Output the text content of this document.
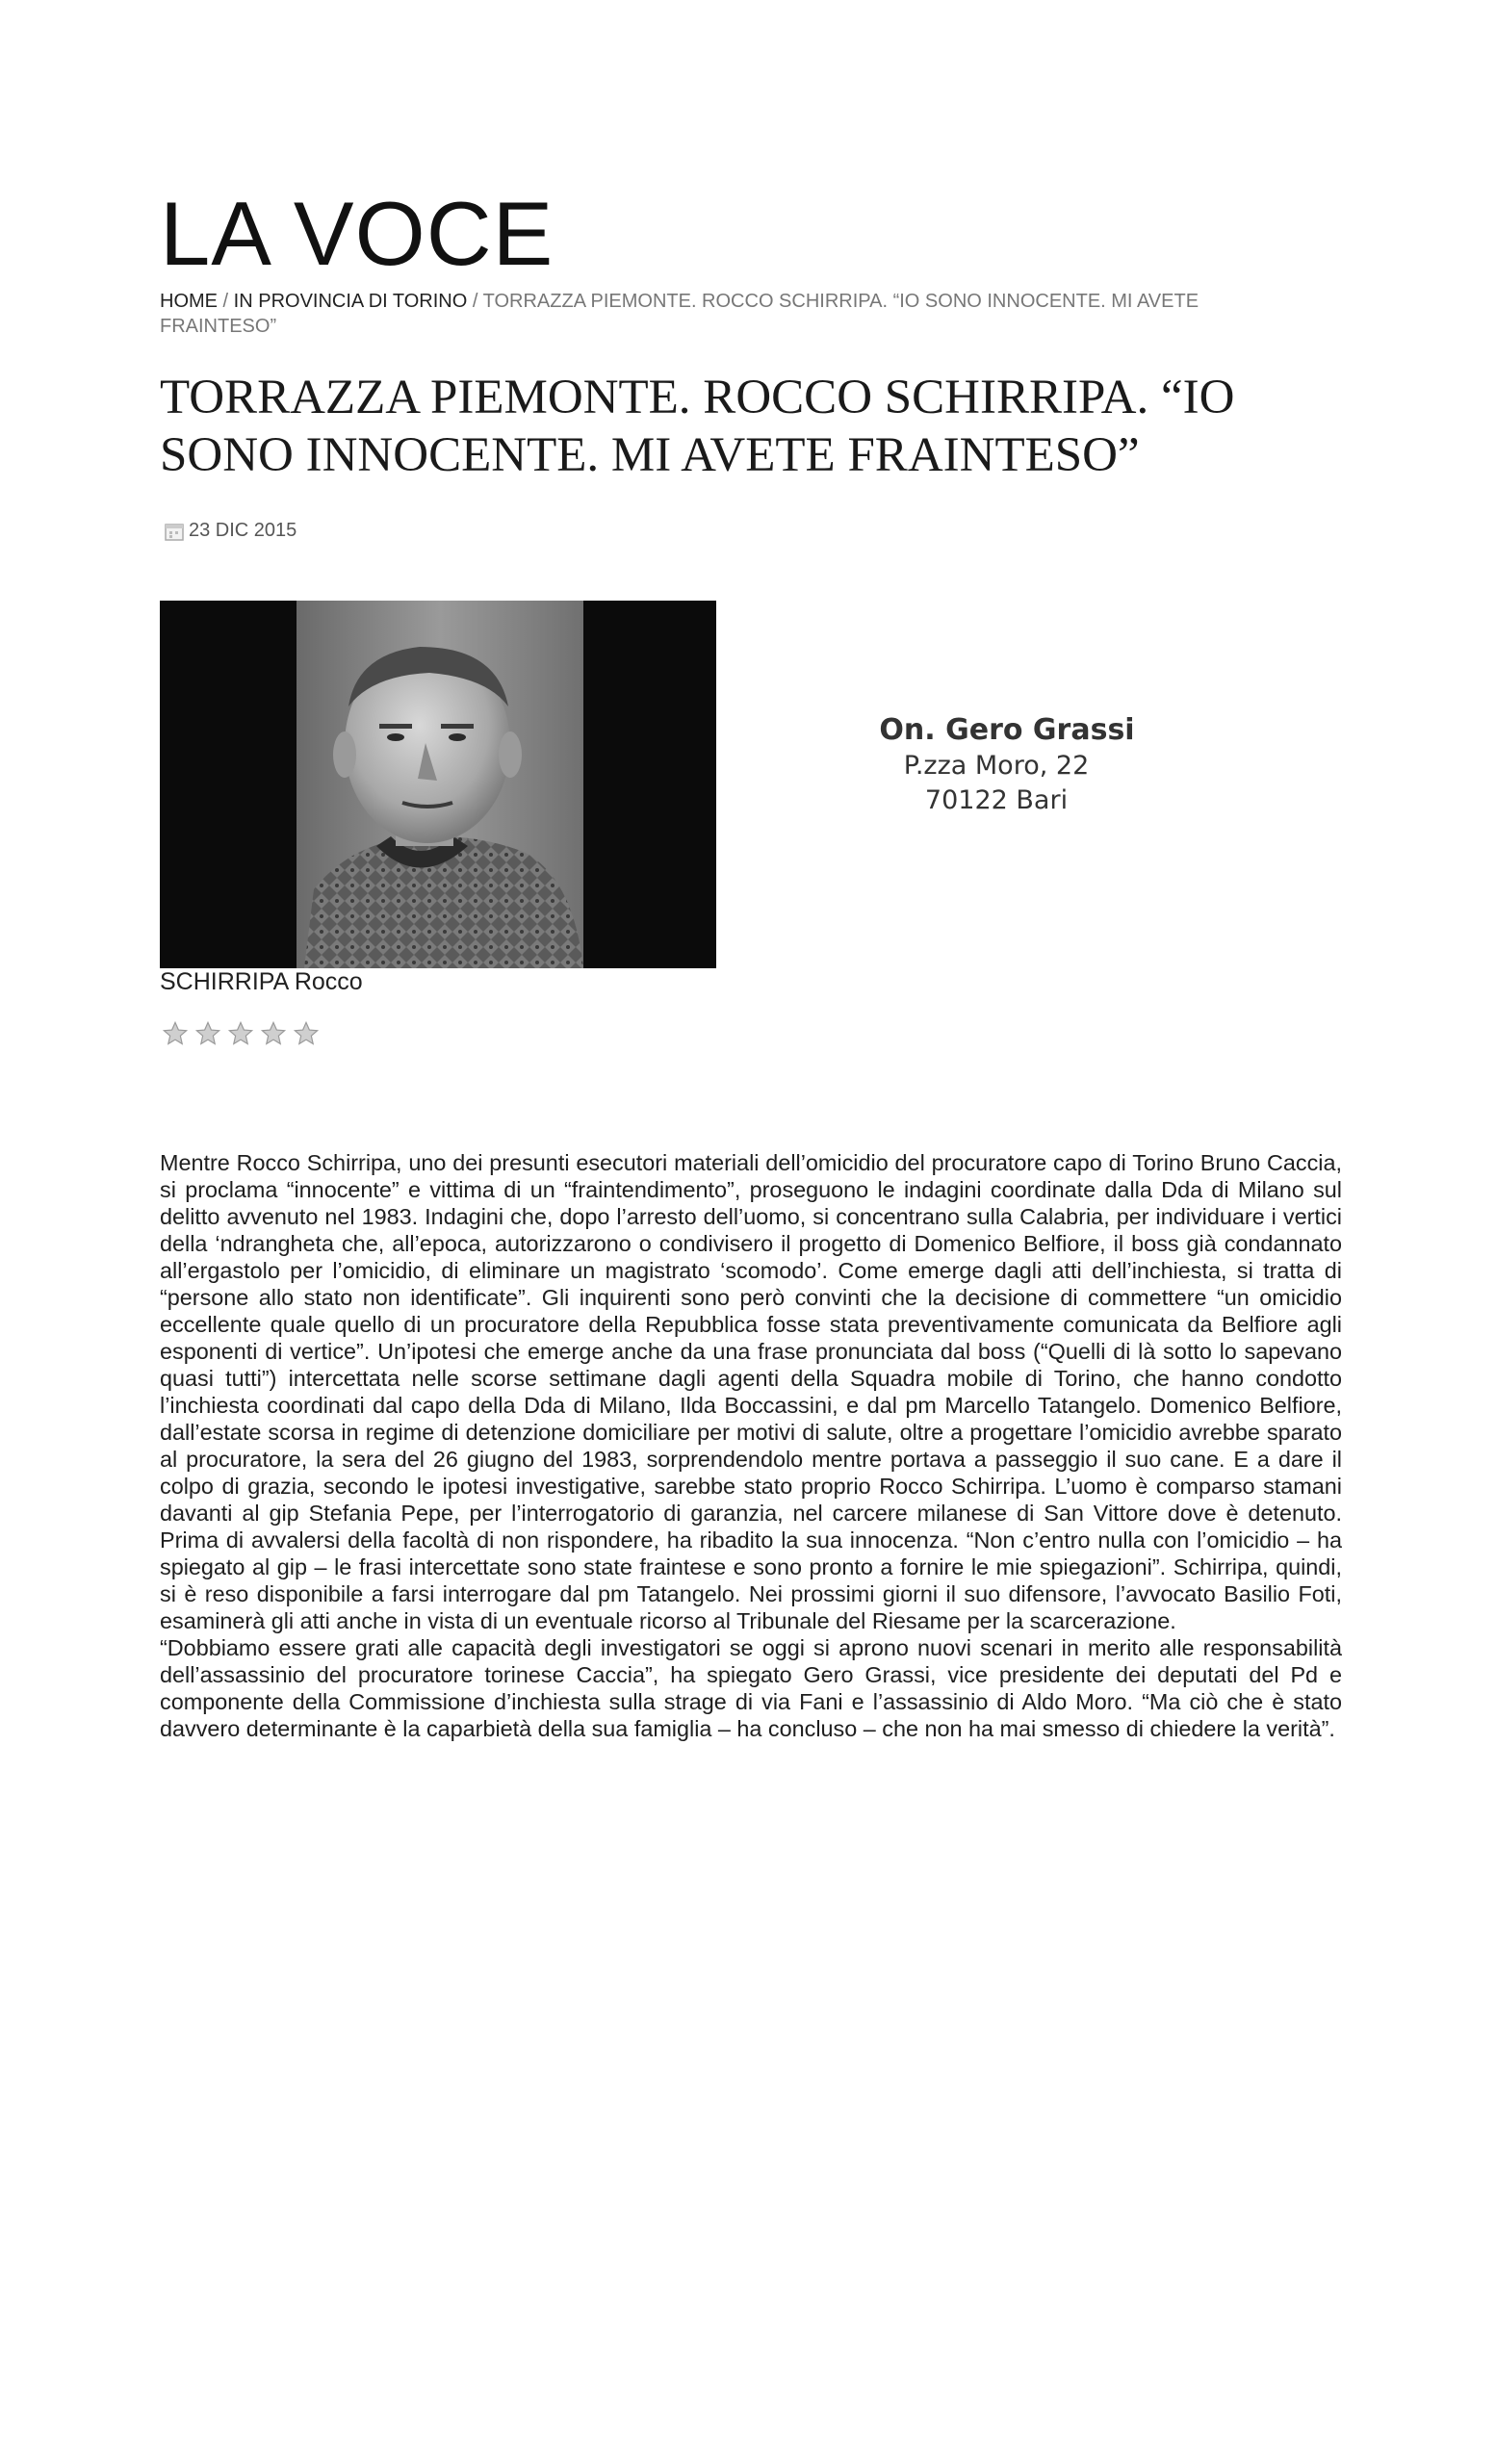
LA VOCE
HOME / IN PROVINCIA DI TORINO / TORRAZZA PIEMONTE. ROCCO SCHIRRIPA. “IO SONO INNOCENTE. MI AVETE FRAINTESO”
TORRAZZA PIEMONTE. ROCCO SCHIRRIPA. “IO SONO INNOCENTE. MI AVETE FRAINTESO”
23 DIC 2015
On. Gero Grassi
P.zza Moro, 22
70122 Bari
SCHIRRIPA Rocco

Mentre Rocco Schirripa, uno dei presunti esecutori materiali dell’omicidio del procuratore capo di Torino Bruno Caccia, si proclama “innocente” e vittima di un “fraintendimento”, proseguono le indagini coordinate dalla Dda di Milano sul delitto avvenuto nel 1983. Indagini che, dopo l’arresto dell’uomo, si concentrano sulla Calabria, per individuare i vertici della ‘ndrangheta che, all’epoca, autorizzarono o condivisero il progetto di Domenico Belfiore, il boss già condannato all’ergastolo per l’omicidio, di eliminare un magistrato ‘scomodo’. Come emerge dagli atti dell’inchiesta, si tratta di “persone allo stato non identificate”. Gli inquirenti sono però convinti che la decisione di commettere “un omicidio eccellente quale quello di un procuratore della Repubblica fosse stata preventivamente comunicata da Belfiore agli esponenti di vertice”. Un’ipotesi che emerge anche da una frase pronunciata dal boss (“Quelli di là sotto lo sapevano quasi tutti”) intercettata nelle scorse settimane dagli agenti della Squadra mobile di Torino, che hanno condotto l’inchiesta coordinati dal capo della Dda di Milano, Ilda Boccassini, e dal pm Marcello Tatangelo. Domenico Belfiore, dall’estate scorsa in regime di detenzione domiciliare per motivi di salute, oltre a progettare l’omicidio avrebbe sparato al procuratore, la sera del 26 giugno del 1983, sorprendendolo mentre portava a passeggio il suo cane. E a dare il colpo di grazia, secondo le ipotesi investigative, sarebbe stato proprio Rocco Schirripa. L’uomo è comparso stamani davanti al gip Stefania Pepe, per l’interrogatorio di garanzia, nel carcere milanese di San Vittore dove è detenuto. Prima di avvalersi della facoltà di non rispondere, ha ribadito la sua innocenza. “Non c’entro nulla con l’omicidio – ha spiegato al gip – le frasi intercettate sono state fraintese e sono pronto a fornire le mie spiegazioni”. Schirripa, quindi, si è reso disponibile a farsi interrogare dal pm Tatangelo. Nei prossimi giorni il suo difensore, l’avvocato Basilio Foti, esaminerà gli atti anche in vista di un eventuale ricorso al Tribunale del Riesame per la scarcerazione.

“Dobbiamo essere grati alle capacità degli investigatori se oggi si aprono nuovi scenari in merito alle responsabilità dell’assassinio del procuratore torinese Caccia”, ha spiegato Gero Grassi, vice presidente dei deputati del Pd e componente della Commissione d’inchiesta sulla strage di via Fani e l’assassinio di Aldo Moro. “Ma ciò che è stato davvero determinante è la caparbietà della sua famiglia – ha concluso – che non ha mai smesso di chiedere la verità”.
